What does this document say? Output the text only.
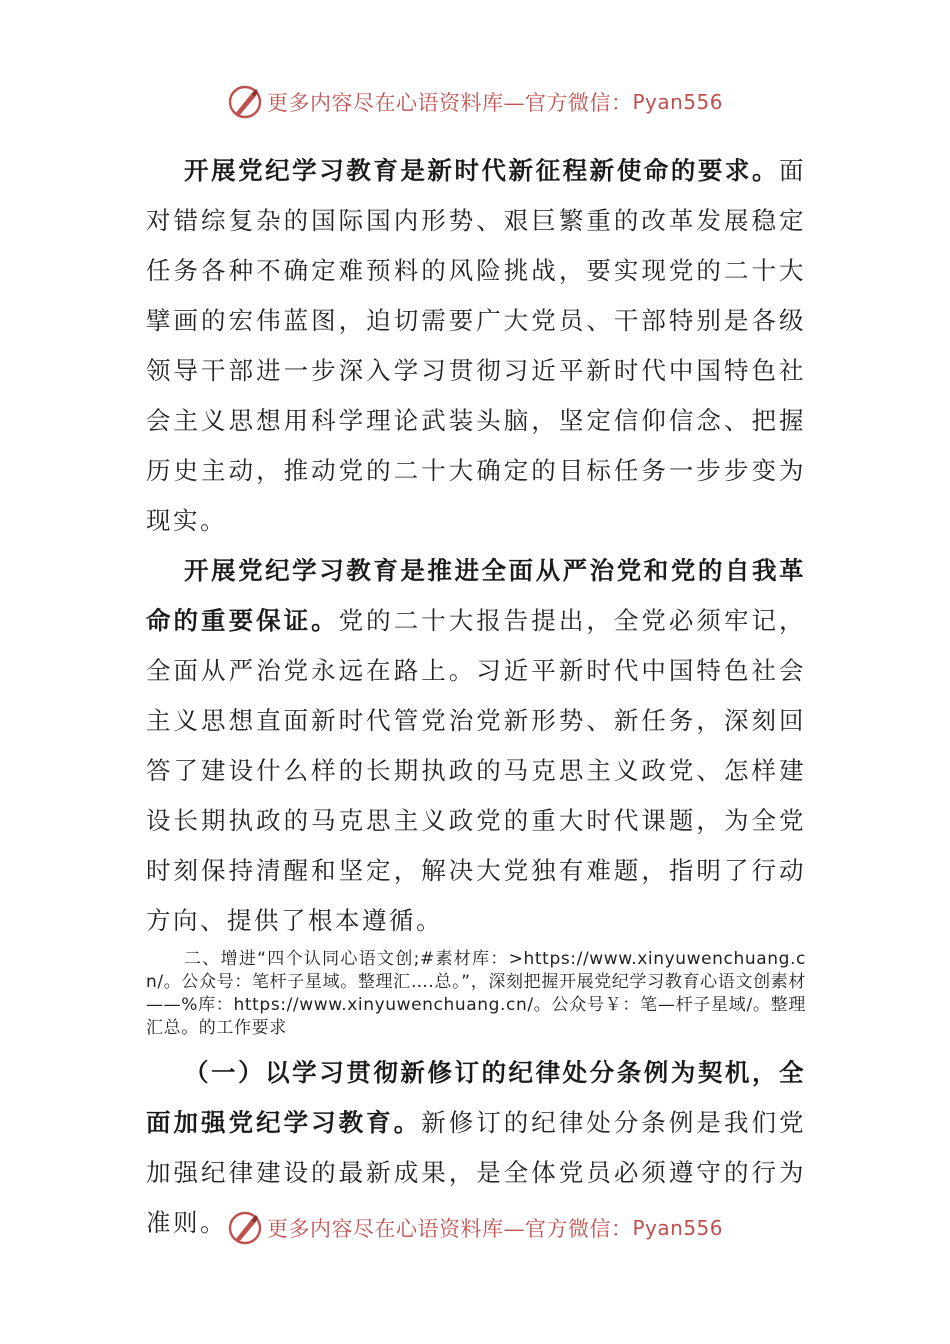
更多内容尽在心语资料库—官方微信： Pyan556

开展党纪学习教育是新时代新征程新使命的要求。面对错综复杂的国际国内形势、艰巨繁重的改革发展稳定任务各种不确定难预料的风险挑战，要实现党的二十大擘画的宏伟蓝图，迫切需要广大党员、干部特别是各级领导干部进一步深入学习贯彻习近平新时代中国特色社会主义思想用科学理论武装头脑，坚定信仰信念、把握历史主动，推动党的二十大确定的目标任务一步步变为现实。

开展党纪学习教育是推进全面从严治党和党的自我革命的重要保证。党的二十大报告提出，全党必须牢记，全面从严治党永远在路上。习近平新时代中国特色社会主义思想直面新时代管党治党新形势、新任务，深刻回答了建设什么样的长期执政的马克思主义政党、怎样建设长期执政的马克思主义政党的重大时代课题，为全党时刻保持清醒和坚定，解决大党独有难题，指明了行动方向、提供了根本遵循。

二、增进“四个认同心语文创;#素材库：>https://www.xinyuwenchuang.cn/。公众号：笔杆子星域。整理汇….总。”，深刻把握开展党纪学习教育心语文创素材——%库：https://www.xinyuwenchuang.cn/。公众号￥：笔—杆子星域/。整理汇总。的工作要求

（一）以学习贯彻新修订的纪律处分条例为契机，全面加强党纪学习教育。新修订的纪律处分条例是我们党加强纪律建设的最新成果，是全体党员必须遵守的行为准则。	更多内容尽在心语资料库—官方微信： Pyan556
